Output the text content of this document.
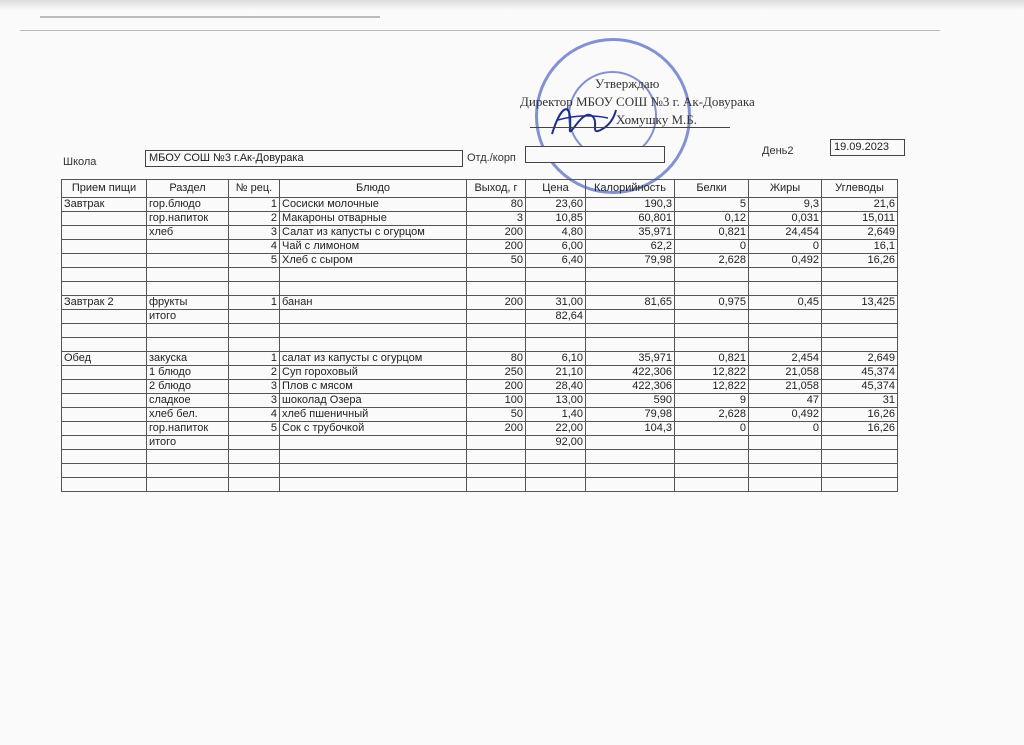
Утверждаю
Директор МБОУ СОШ №3 г. Ак-Довурака
Хомушку М.Б.
Школа	МБОУ СОШ №3 г.Ак-Довурака	Отд./корп
День2	19.09.2023
Прием пищи	Раздел	№ рец.	Блюдо	Выход, г	Цена	Калорийность	Белки	Жиры	Углеводы
Завтрак	гор.блюдо	1	Сосиски молочные	80	23,60	190,3	5	9,3	21,6
	гор.напиток	2	Макароны отварные	3	10,85	60,801	0,12	0,031	15,011
	хлеб	3	Салат из капусты с огурцом	200	4,80	35,971	0,821	24,454	2,649
		4	Чай с лимоном	200	6,00	62,2	0	0	16,1
		5	Хлеб с сыром	50	6,40	79,98	2,628	0,492	16,26

Завтрак 2	фрукты	1	банан	200	31,00	81,65	0,975	0,45	13,425
	итого				82,64				

Обед	закуска	1	салат из капусты с огурцом	80	6,10	35,971	0,821	2,454	2,649
	1 блюдо	2	Суп гороховый	250	21,10	422,306	12,822	21,058	45,374
	2 блюдо	3	Плов с мясом	200	28,40	422,306	12,822	21,058	45,374
	сладкое	3	шоколад Озера	100	13,00	590	9	47	31
	хлеб бел.	4	хлеб пшеничный	50	1,40	79,98	2,628	0,492	16,26
	гор.напиток	5	Сок с трубочкой	200	22,00	104,3	0	0	16,26
	итого				92,00				
